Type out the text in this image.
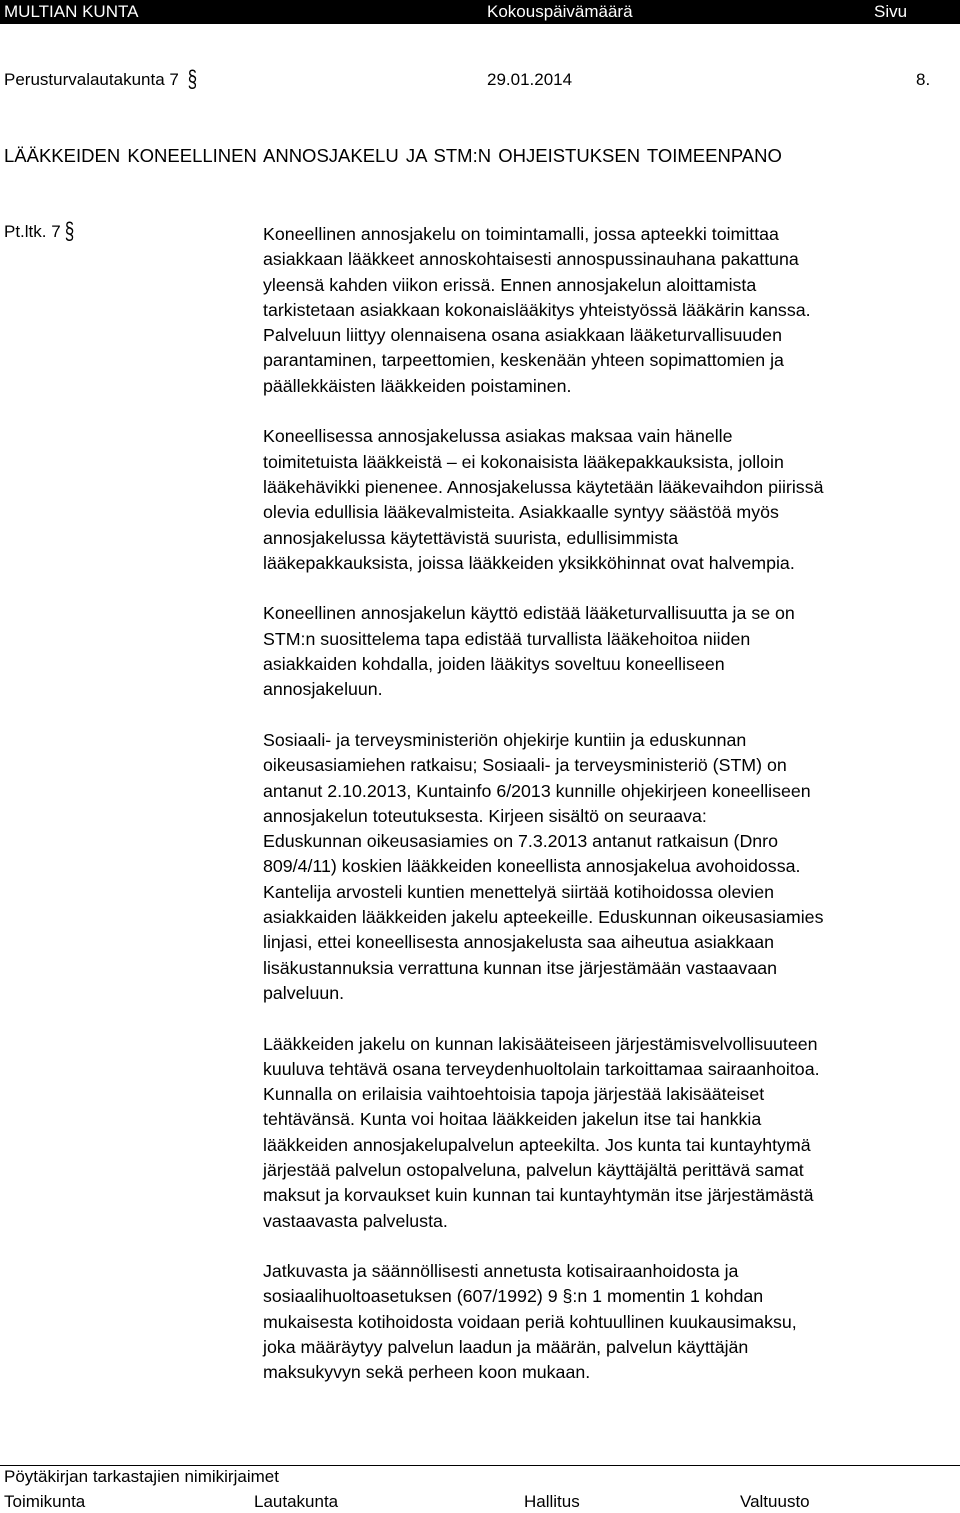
MULTIAN KUNTA	Kokouspäivämäärä	Sivu
Perusturvalautakunta 7 §	29.01.2014	8.
LÄÄKKEIDEN KONEELLINEN ANNOSJAKELU JA STM:N OHJEISTUKSEN TOIMEENPANO
Pt.ltk. 7 §	Koneellinen annosjakelu on toimintamalli, jossa apteekki toimittaa
asiakkaan lääkkeet annoskohtaisesti annospussinauhana pakattuna
yleensä kahden viikon erissä. Ennen annosjakelun aloittamista
tarkistetaan asiakkaan kokonaislääkitys yhteistyössä lääkärin kanssa.
Palveluun liittyy olennaisena osana asiakkaan lääketurvallisuuden
parantaminen, tarpeettomien, keskenään yhteen sopimattomien ja
päällekkäisten lääkkeiden poistaminen.

Koneellisessa annosjakelussa asiakas maksaa vain hänelle
toimitetuista lääkkeistä – ei kokonaisista lääkepakkauksista, jolloin
lääkehävikki pienenee. Annosjakelussa käytetään lääkevaihdon piirissä
olevia edullisia lääkevalmisteita. Asiakkaalle syntyy säästöä myös
annosjakelussa käytettävistä suurista, edullisimmista
lääkepakkauksista, joissa lääkkeiden yksikköhinnat ovat halvempia.

Koneellinen annosjakelun käyttö edistää lääketurvallisuutta ja se on
STM:n suosittelema tapa edistää turvallista lääkehoitoa niiden
asiakkaiden kohdalla, joiden lääkitys soveltuu koneelliseen
annosjakeluun.

Sosiaali- ja terveysministeriön ohjekirje kuntiin ja eduskunnan
oikeusasiamiehen ratkaisu; Sosiaali- ja terveysministeriö (STM) on
antanut 2.10.2013, Kuntainfo 6/2013 kunnille ohjekirjeen koneelliseen
annosjakelun toteutuksesta. Kirjeen sisältö on seuraava:
Eduskunnan oikeusasiamies on 7.3.2013 antanut ratkaisun (Dnro
809/4/11) koskien lääkkeiden koneellista annosjakelua avohoidossa.
Kantelija arvosteli kuntien menettelyä siirtää kotihoidossa olevien
asiakkaiden lääkkeiden jakelu apteekeille. Eduskunnan oikeusasiamies
linjasi, ettei koneellisesta annosjakelusta saa aiheutua asiakkaan
lisäkustannuksia verrattuna kunnan itse järjestämään vastaavaan
palveluun.

Lääkkeiden jakelu on kunnan lakisääteiseen järjestämisvelvollisuuteen
kuuluva tehtävä osana terveydenhuoltolain tarkoittamaa sairaanhoitoa.
Kunnalla on erilaisia vaihtoehtoisia tapoja järjestää lakisääteiset
tehtävänsä. Kunta voi hoitaa lääkkeiden jakelun itse tai hankkia
lääkkeiden annosjakelupalvelun apteekilta. Jos kunta tai kuntayhtymä
järjestää palvelun ostopalveluna, palvelun käyttäjältä perittävä samat
maksut ja korvaukset kuin kunnan tai kuntayhtymän itse järjestämästä
vastaavasta palvelusta.

Jatkuvasta ja säännöllisesti annetusta kotisairaanhoidosta ja
sosiaalihuoltoasetuksen (607/1992) 9 §:n 1 momentin 1 kohdan
mukaisesta kotihoidosta voidaan periä kohtuullinen kuukausimaksu,
joka määräytyy palvelun laadun ja määrän, palvelun käyttäjän
maksukyvyn sekä perheen koon mukaan.

Pöytäkirjan tarkastajien nimikirjaimet
Toimikunta	Lautakunta	Hallitus	Valtuusto
